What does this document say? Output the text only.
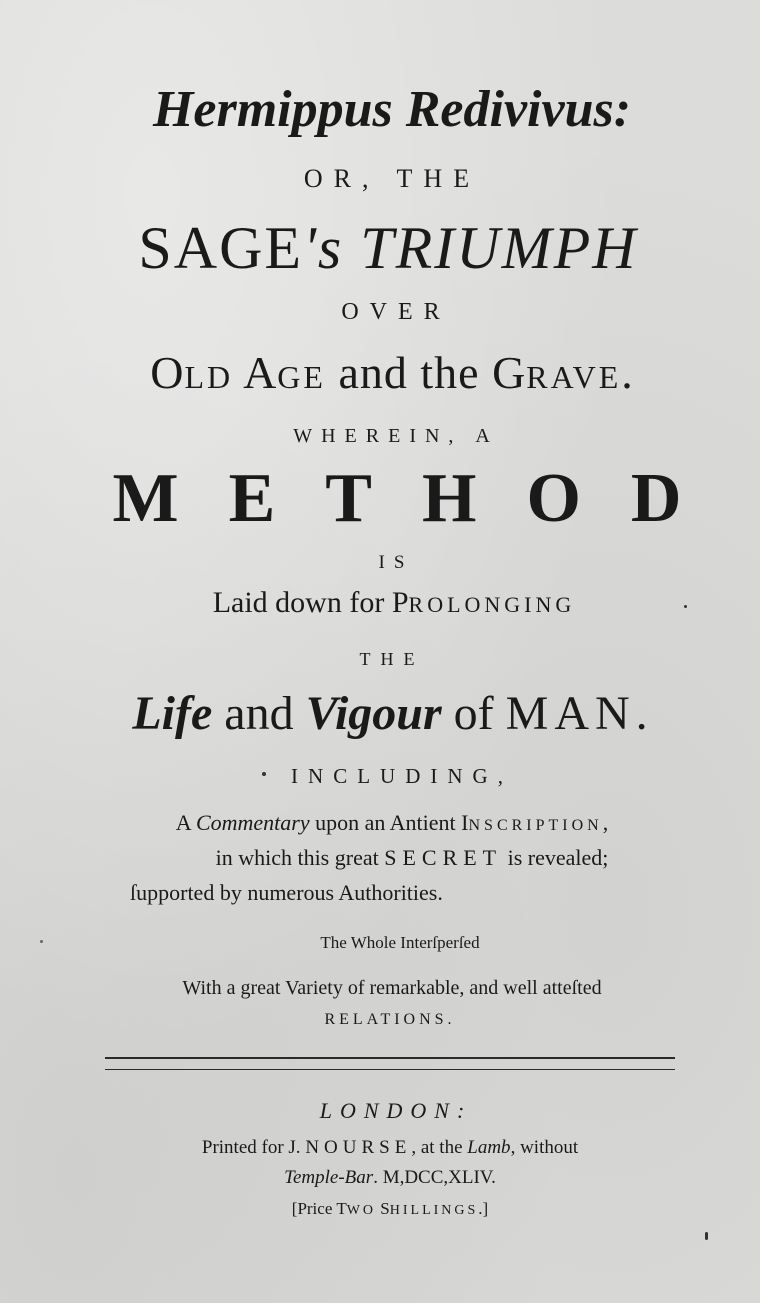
Hermippus Redivivus:
OR, THE
SAGE's TRIUMPH
OVER
OLD AGE and the GRAVE.
WHEREIN, A
METHOD
IS
Laid down for PROLONGING
THE
Life and Vigour of MAN.
INCLUDING,
A Commentary upon an Antient INSCRIPTION,
in which this great SECRET is revealed;
ſupported by numerous Authorities.
The Whole Interſperſed
With a great Variety of remarkable, and well atteſted
RELATIONS.
LONDON:
Printed for J. NOURSE, at the Lamb, without
Temple-Bar. M,DCC,XLIV.
[Price TWO SHILLINGS.]
